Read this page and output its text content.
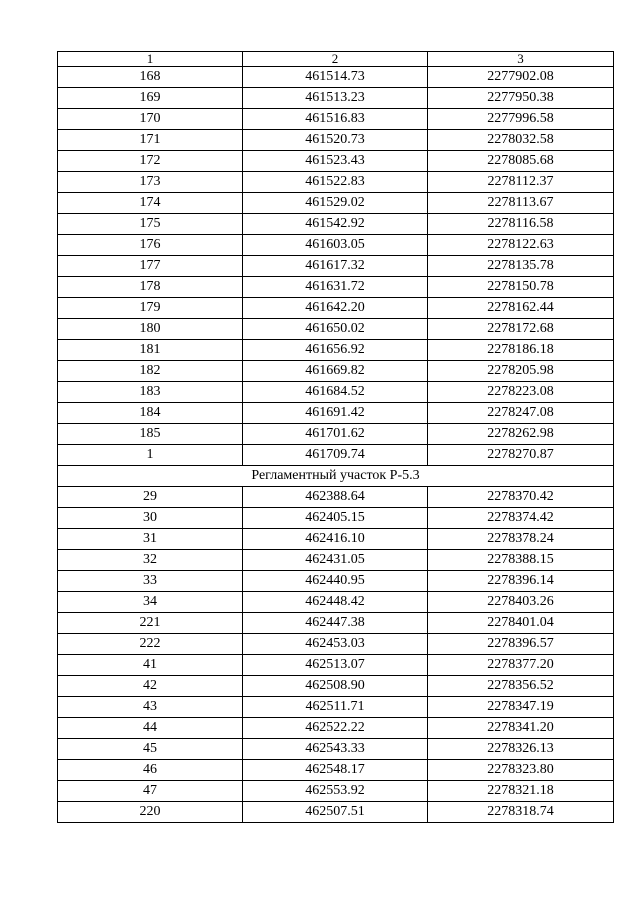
1	2	3
168	461514.73	2277902.08
169	461513.23	2277950.38
170	461516.83	2277996.58
171	461520.73	2278032.58
172	461523.43	2278085.68
173	461522.83	2278112.37
174	461529.02	2278113.67
175	461542.92	2278116.58
176	461603.05	2278122.63
177	461617.32	2278135.78
178	461631.72	2278150.78
179	461642.20	2278162.44
180	461650.02	2278172.68
181	461656.92	2278186.18
182	461669.82	2278205.98
183	461684.52	2278223.08
184	461691.42	2278247.08
185	461701.62	2278262.98
1	461709.74	2278270.87
Регламентный участок Р-5.3		
29	462388.64	2278370.42
30	462405.15	2278374.42
31	462416.10	2278378.24
32	462431.05	2278388.15
33	462440.95	2278396.14
34	462448.42	2278403.26
221	462447.38	2278401.04
222	462453.03	2278396.57
41	462513.07	2278377.20
42	462508.90	2278356.52
43	462511.71	2278347.19
44	462522.22	2278341.20
45	462543.33	2278326.13
46	462548.17	2278323.80
47	462553.92	2278321.18
220	462507.51	2278318.74
